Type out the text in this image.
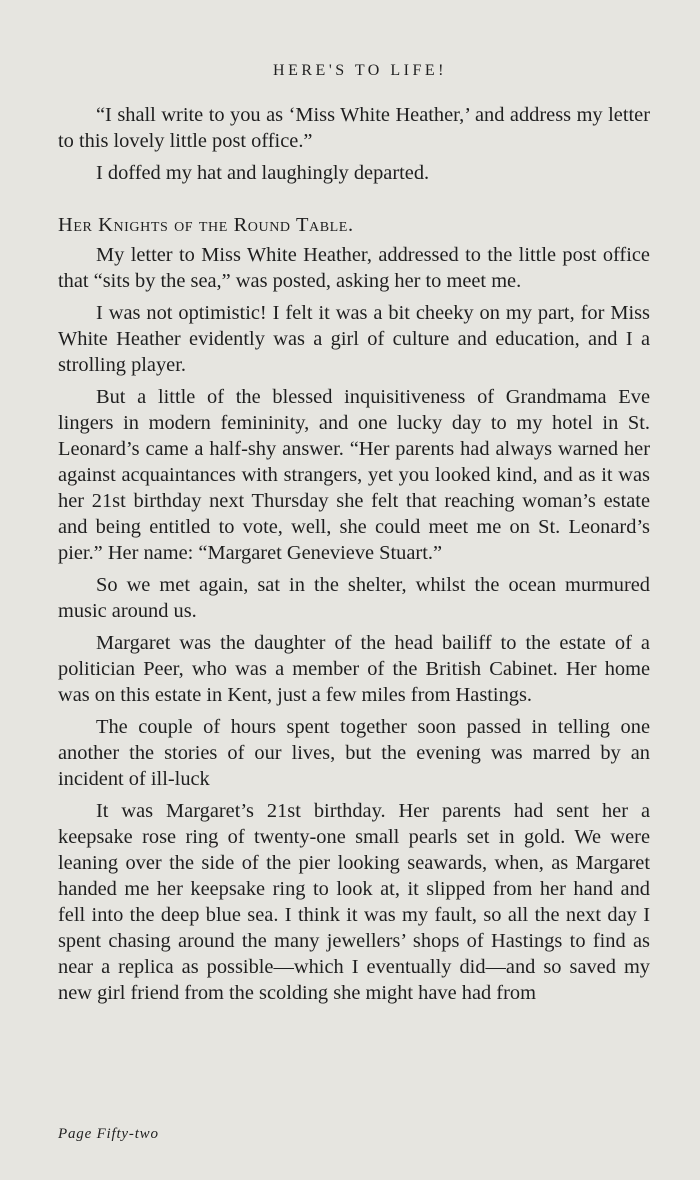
HERE'S TO LIFE!

“I shall write to you as ‘Miss White Heather,’ and address my letter to this lovely little post office.”

I doffed my hat and laughingly departed.

Her Knights of the Round Table.

My letter to Miss White Heather, addressed to the little post office that “sits by the sea,” was posted, asking her to meet me.

I was not optimistic! I felt it was a bit cheeky on my part, for Miss White Heather evidently was a girl of culture and education, and I a strolling player.

But a little of the blessed inquisitiveness of Grandmama Eve lingers in modern femininity, and one lucky day to my hotel in St. Leonard’s came a half-shy answer. “Her parents had always warned her against acquaintances with strangers, yet you looked kind, and as it was her 21st birthday next Thursday she felt that reaching woman’s estate and being entitled to vote, well, she could meet me on St. Leonard’s pier.” Her name: “Margaret Genevieve Stuart.”

So we met again, sat in the shelter, whilst the ocean murmured music around us.

Margaret was the daughter of the head bailiff to the estate of a politician Peer, who was a member of the British Cabinet. Her home was on this estate in Kent, just a few miles from Hastings.

The couple of hours spent together soon passed in telling one another the stories of our lives, but the evening was marred by an incident of ill-luck

It was Margaret’s 21st birthday. Her parents had sent her a keepsake rose ring of twenty-one small pearls set in gold. We were leaning over the side of the pier looking seawards, when, as Margaret handed me her keepsake ring to look at, it slipped from her hand and fell into the deep blue sea. I think it was my fault, so all the next day I spent chasing around the many jewellers’ shops of Hastings to find as near a replica as possible—which I eventually did—and so saved my new girl friend from the scolding she might have had from

Page Fifty-two
